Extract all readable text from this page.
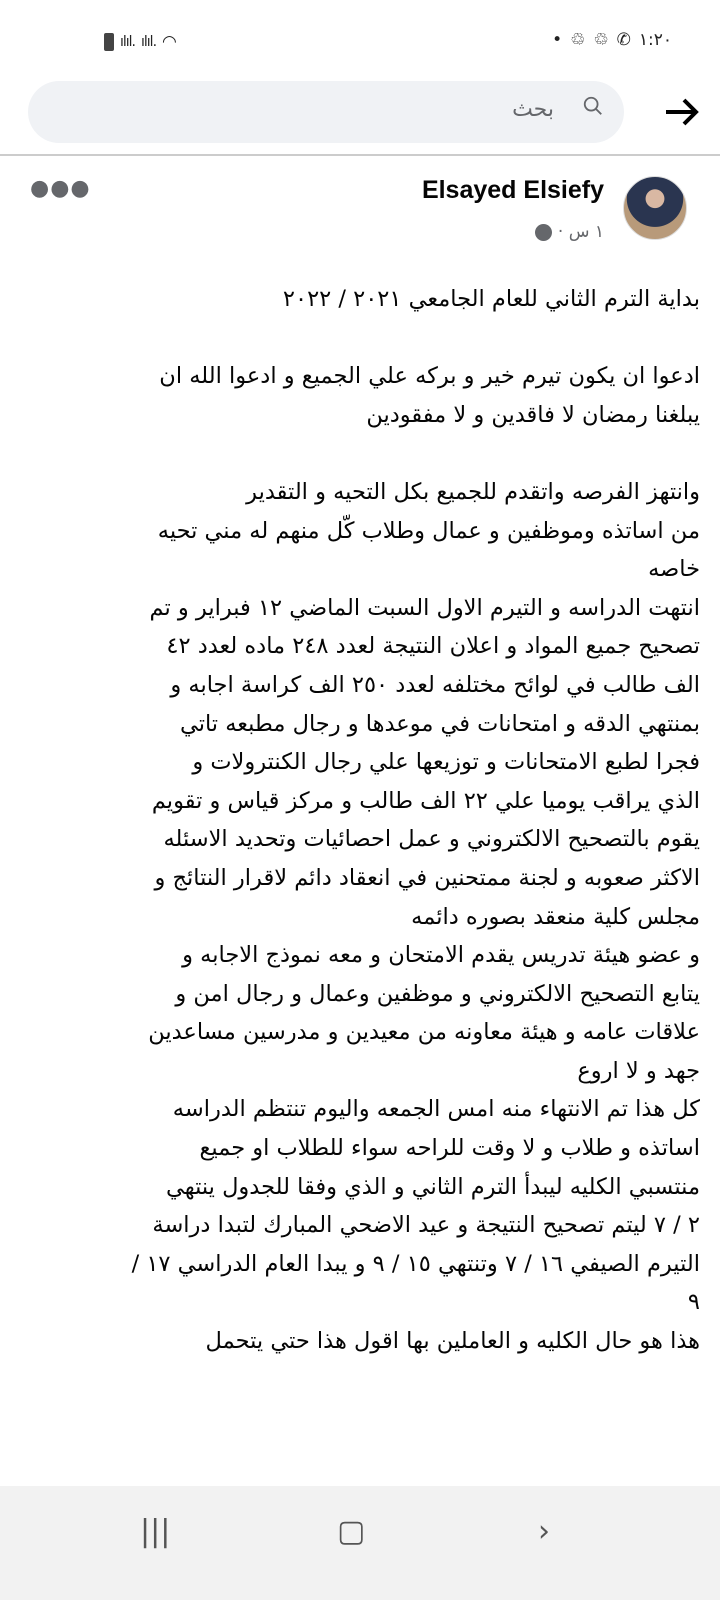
ılıl. ılıl. ◠	• ♲ ♲ ✆ ١:٢٠
بحث
Elsayed Elsiefy
١ س ·
●●●
بداية الترم الثاني للعام الجامعي ٢٠٢١ / ٢٠٢٢
ادعوا ان يكون تيرم خير و بركه علي الجميع و ادعوا الله ان
يبلغنا رمضان لا فاقدين و لا مفقودين
وانتهز الفرصه واتقدم للجميع بكل التحيه و التقدير
من اساتذه وموظفين و عمال وطلاب كّل منهم له مني تحيه
خاصه
انتهت الدراسه و التيرم الاول السبت الماضي ١٢ فبراير و تم
تصحيح جميع المواد و اعلان النتيجة لعدد ٢٤٨ ماده لعدد ٤٢
الف طالب في لوائح مختلفه لعدد ٢٥٠ الف كراسة اجابه و
بمنتهي الدقه و امتحانات في موعدها و رجال مطبعه تاتي
فجرا لطبع الامتحانات و توزيعها علي رجال الكنترولات و
الذي يراقب يوميا علي ٢٢ الف طالب و مركز قياس و تقويم
يقوم بالتصحيح الالكتروني و عمل احصائيات وتحديد الاسئله
الاكثر صعوبه و لجنة ممتحنين في انعقاد دائم لاقرار النتائج و
مجلس كلية منعقد بصوره دائمه
و عضو هيئة تدريس يقدم الامتحان و معه نموذج الاجابه و
يتابع التصحيح الالكتروني و موظفين وعمال و رجال امن و
علاقات عامه و هيئة معاونه من معيدين و مدرسين مساعدين
جهد و لا اروع
كل هذا تم الانتهاء منه امس الجمعه واليوم تنتظم الدراسه
اساتذه و طلاب و لا وقت للراحه سواء للطلاب او جميع
منتسبي الكليه ليبدأ الترم الثاني و الذي وفقا للجدول ينتهي
٢ / ٧ ليتم تصحيح النتيجة و عيد الاضحي المبارك لتبدا دراسة
التيرم الصيفي ١٦ / ٧ وتنتهي ١٥ / ٩ و يبدا العام الدراسي ١٧ /
٩
هذا هو حال الكليه و العاملين بها اقول هذا حتي يتحمل
|||	▢	›
